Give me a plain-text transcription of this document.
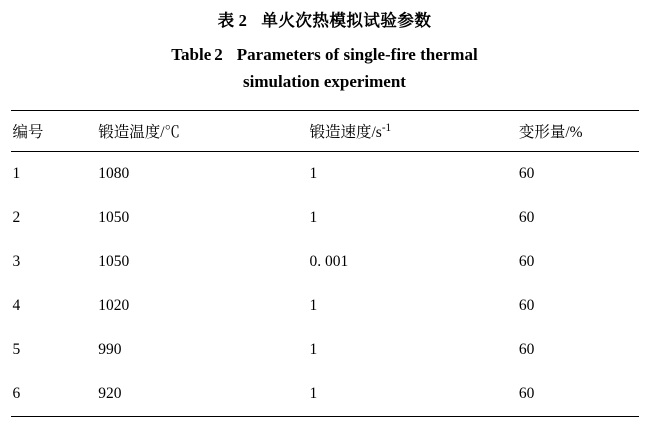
表 2 单火次热模拟试验参数
Table 2 Parameters of single-fire thermal
simulation experiment
编号	锻造温度/℃	锻造速度$/s^{-1}$	变形量/%
1	1080	1	60
2	1050	1	60
3	1050	0. 001	60
4	1020	1	60
5	990	1	60
6	920	1	60
